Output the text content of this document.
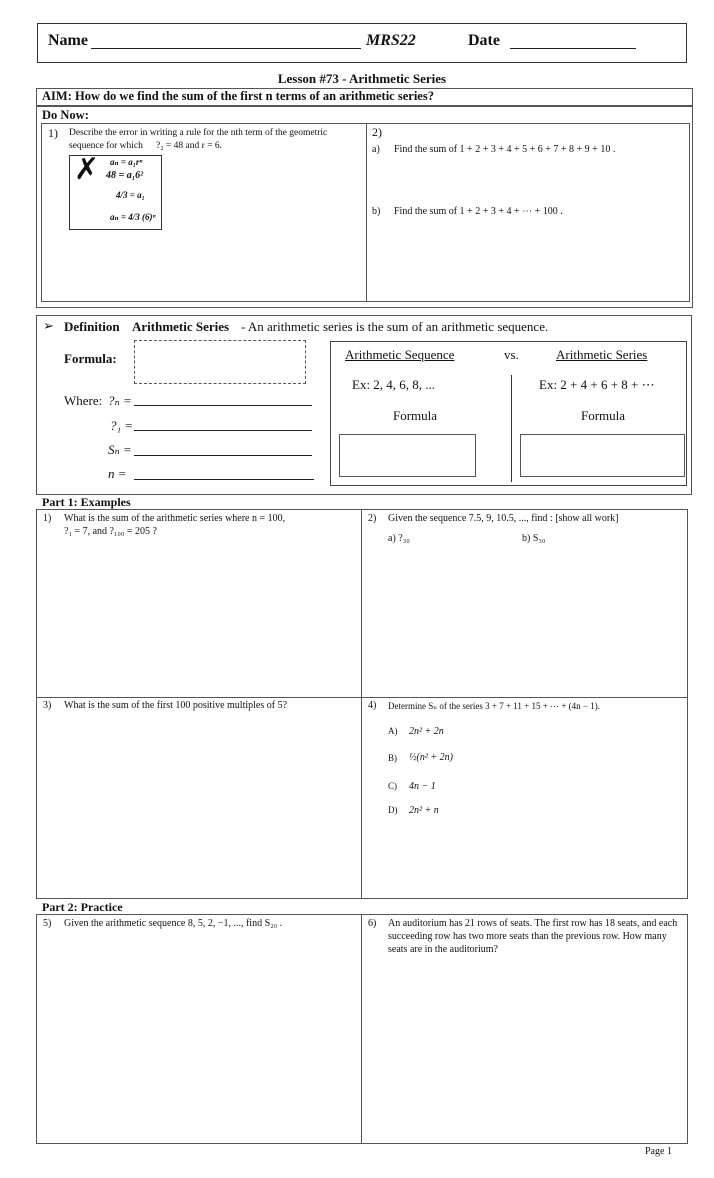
Name	MRS22	Date
Lesson #73 - Arithmetic Series
AIM: How do we find the sum of the first n terms of an arithmetic series?
Do Now:
1) Describe the error in writing a rule for the nth term of the geometric sequence for which	?₂ = 48 and r = 6.
✗ aₙ = a₁rⁿ
48 = a₁6²
4/3 = a₁
aₙ = 4/3 (6)ⁿ
2)
a) Find the sum of 1 + 2 + 3 + 4 + 5 + 6 + 7 + 8 + 9 + 10 .
b) Find the sum of 1 + 2 + 3 + 4 + ⋯ + 100 .
➢ Definition Arithmetic Series - An arithmetic series is the sum of an arithmetic sequence.
Formula:
Where: ?ₙ =
?₁ =
Sₙ =
n =
Arithmetic Sequence	vs.	Arithmetic Series
Ex: 2, 4, 6, 8, ...	Ex: 2 + 4 + 6 + 8 + ⋯
Formula	Formula
Part 1: Examples
1) What is the sum of the arithmetic series where n = 100,
?₁ = 7, and ?₁₀₀ = 205 ?
2) Given the sequence 7.5, 9, 10.5, ..., find : [show all work]
a) ?₃₀	b) S₃₀
3) What is the sum of the first 100 positive multiples of 5?	4) Determine Sₙ of the series 3 + 7 + 11 + 15 + ⋯ + (4n − 1).
A) 2n² + 2n
B) ½(n² + 2n)
C) 4n − 1
D) 2n² + n
Part 2: Practice
5) Given the arithmetic sequence 8, 5, 2, −1, ..., find S₂₀ .	6) An auditorium has 21 rows of seats. The first row has 18 seats, and each succeeding row has two more seats than the previous row. How many seats are in the auditorium?
Page 1
